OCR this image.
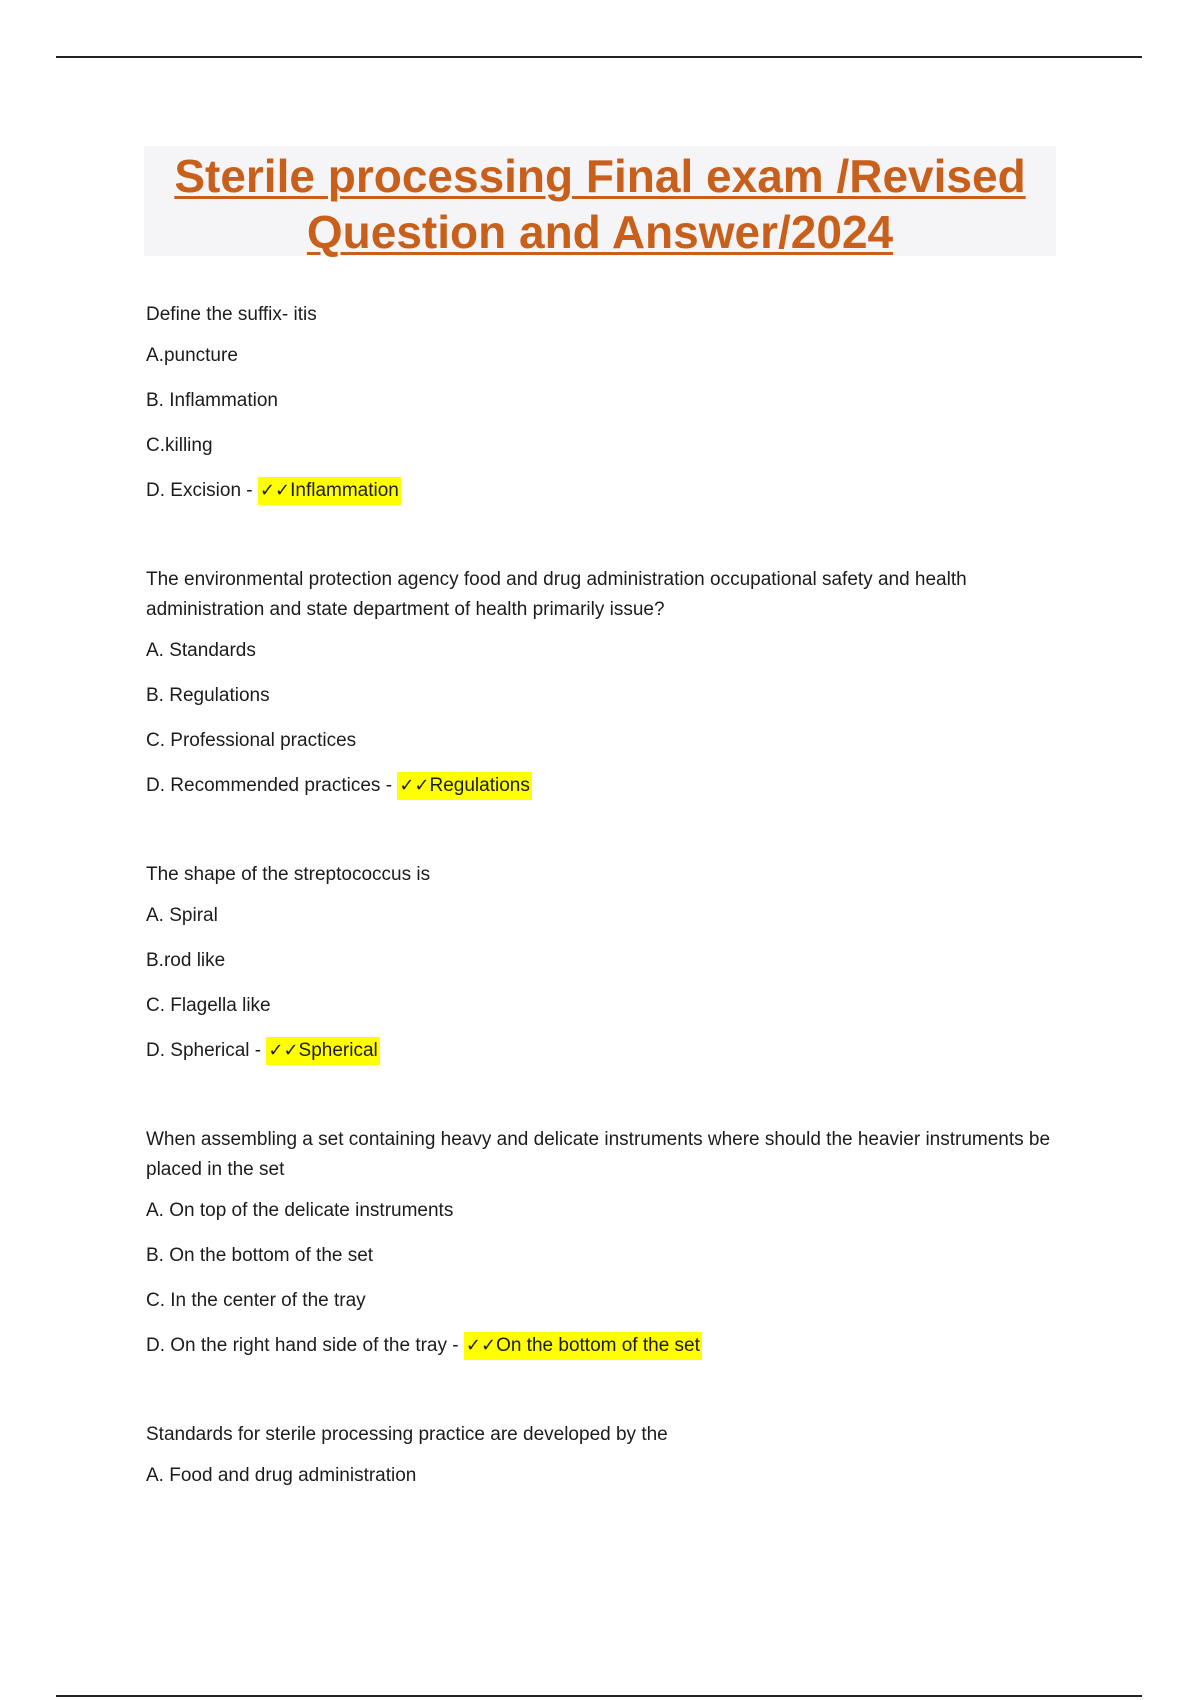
Sterile processing Final exam /Revised
Question and Answer/2024

Define the suffix- itis

A.puncture

B. Inflammation

C.killing

D. Excision - ✓✓Inflammation

The environmental protection agency food and drug administration occupational safety and health administration and state department of health primarily issue?

A. Standards

B. Regulations

C. Professional practices

D. Recommended practices - ✓✓Regulations

The shape of the streptococcus is

A. Spiral

B.rod like

C. Flagella like

D. Spherical - ✓✓Spherical

When assembling a set containing heavy and delicate instruments where should the heavier instruments be placed in the set

A. On top of the delicate instruments

B. On the bottom of the set

C. In the center of the tray

D. On the right hand side of the tray - ✓✓On the bottom of the set

Standards for sterile processing practice are developed by the

A. Food and drug administration
